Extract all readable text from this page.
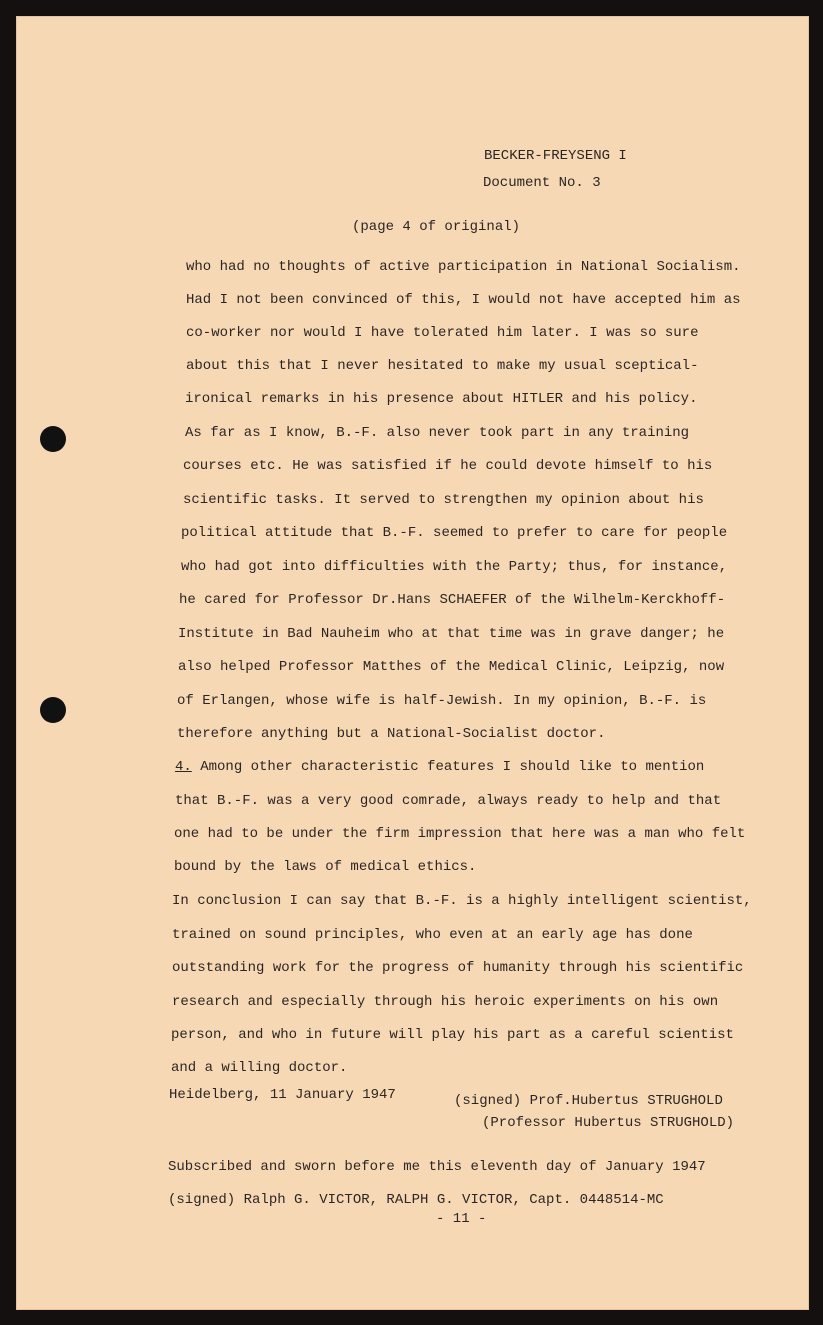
BECKER-FREYSENG I

Document No. 3

(page 4 of original)

who had no thoughts of active participation in National Socialism.

Had I not been convinced of this, I would not have accepted him as

co-worker nor would I have tolerated him later. I was so sure

about this that I never hesitated to make my usual sceptical-

ironical remarks in his presence about HITLER and his policy.

As far as I know, B.-F. also never took part in any training

courses etc. He was satisfied if he could devote himself to his

scientific tasks. It served to strengthen my opinion about his

political attitude that B.-F. seemed to prefer to care for people

who had got into difficulties with the Party; thus, for instance,

he cared for Professor Dr.Hans SCHAEFER of the Wilhelm-Kerckhoff-

Institute in Bad Nauheim who at that time was in grave danger; he

also helped Professor Matthes of the Medical Clinic, Leipzig, now

of Erlangen, whose wife is half-Jewish. In my opinion, B.-F. is

therefore anything but a National-Socialist doctor.

4. Among other characteristic features I should like to mention

that B.-F. was a very good comrade, always ready to help and that

one had to be under the firm impression that here was a man who felt

bound by the laws of medical ethics.

In conclusion I can say that B.-F. is a highly intelligent scientist,

trained on sound principles, who even at an early age has done

outstanding work for the progress of humanity through his scientific

research and especially through his heroic experiments on his own

person, and who in future will play his part as a careful scientist

and a willing doctor.

Heidelberg, 11 January 1947	(signed) Prof.Hubertus STRUGHOLD

(Professor Hubertus STRUGHOLD)

Subscribed and sworn before me this eleventh day of January 1947

(signed) Ralph G. VICTOR, RALPH G. VICTOR, Capt. 0448514-MC

- 11 -
